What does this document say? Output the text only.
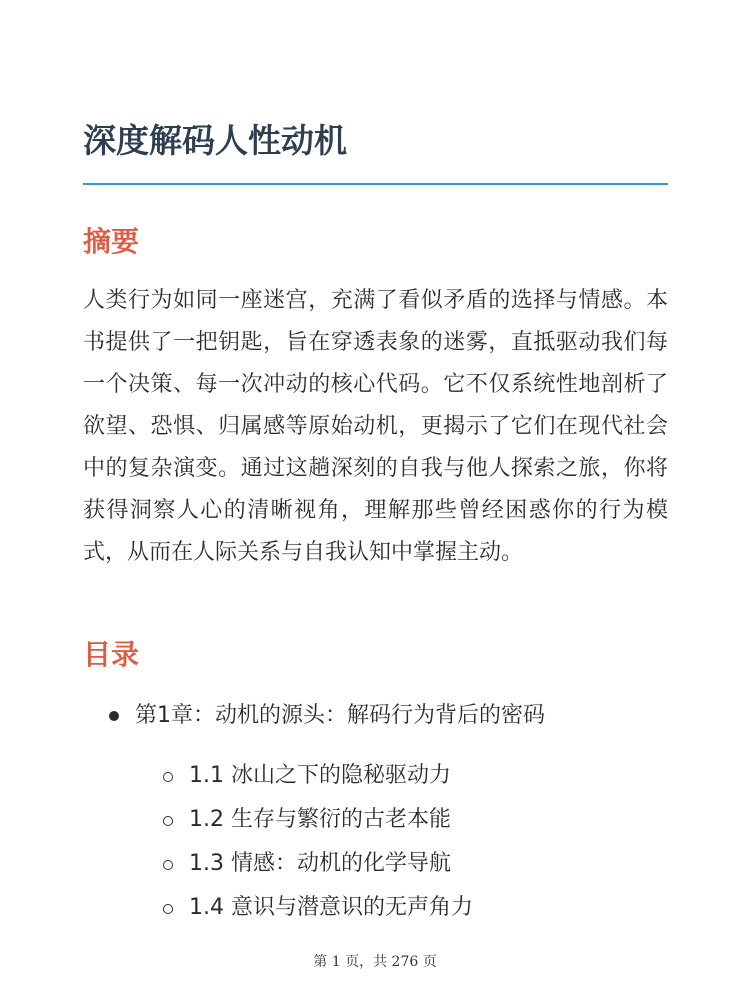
深度解码人性动机
摘要

人类行为如同一座迷宫，充满了看似矛盾的选择与情感。本书提供了一把钥匙，旨在穿透表象的迷雾，直抵驱动我们每一个决策、每一次冲动的核心代码。它不仅系统性地剖析了欲望、恐惧、归属感等原始动机，更揭示了它们在现代社会中的复杂演变。通过这趟深刻的自我与他人探索之旅，你将获得洞察人心的清晰视角，理解那些曾经困惑你的行为模式，从而在人际关系与自我认知中掌握主动。

目录
第1章：动机的源头：解码行为背后的密码
1.1 冰山之下的隐秘驱动力
1.2 生存与繁衍的古老本能
1.3 情感：动机的化学导航
1.4 意识与潜意识的无声角力
第 1 页，共 276 页
